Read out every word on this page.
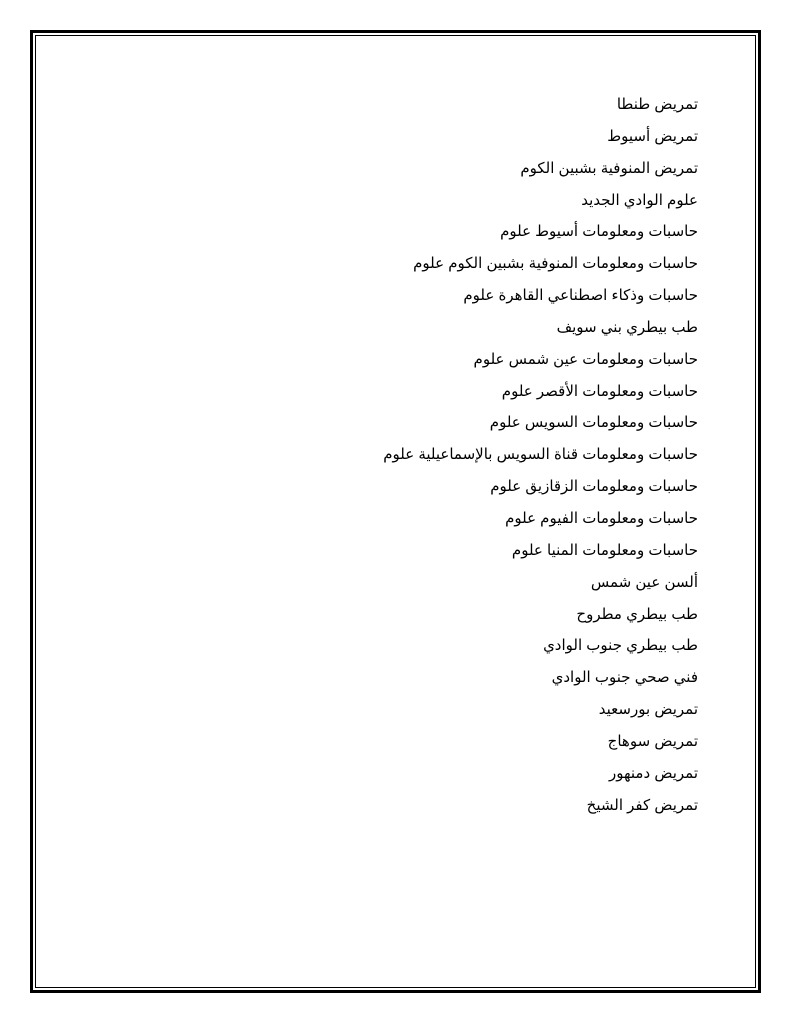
تمريض طنطا
تمريض أسيوط
تمريض المنوفية بشبين الكوم
علوم الوادي الجديد
حاسبات ومعلومات أسيوط علوم
حاسبات ومعلومات المنوفية بشبين الكوم علوم
حاسبات وذكاء اصطناعي القاهرة علوم
طب بيطري بني سويف
حاسبات ومعلومات عين شمس علوم
حاسبات ومعلومات الأقصر علوم
حاسبات ومعلومات السويس علوم
حاسبات ومعلومات قناة السويس بالإسماعيلية علوم
حاسبات ومعلومات الزقازيق علوم
حاسبات ومعلومات الفيوم علوم
حاسبات ومعلومات المنيا علوم
ألسن عين شمس
طب بيطري مطروح
طب بيطري جنوب الوادي
فني صحي جنوب الوادي
تمريض بورسعيد
تمريض سوهاج
تمريض دمنهور
تمريض كفر الشيخ
